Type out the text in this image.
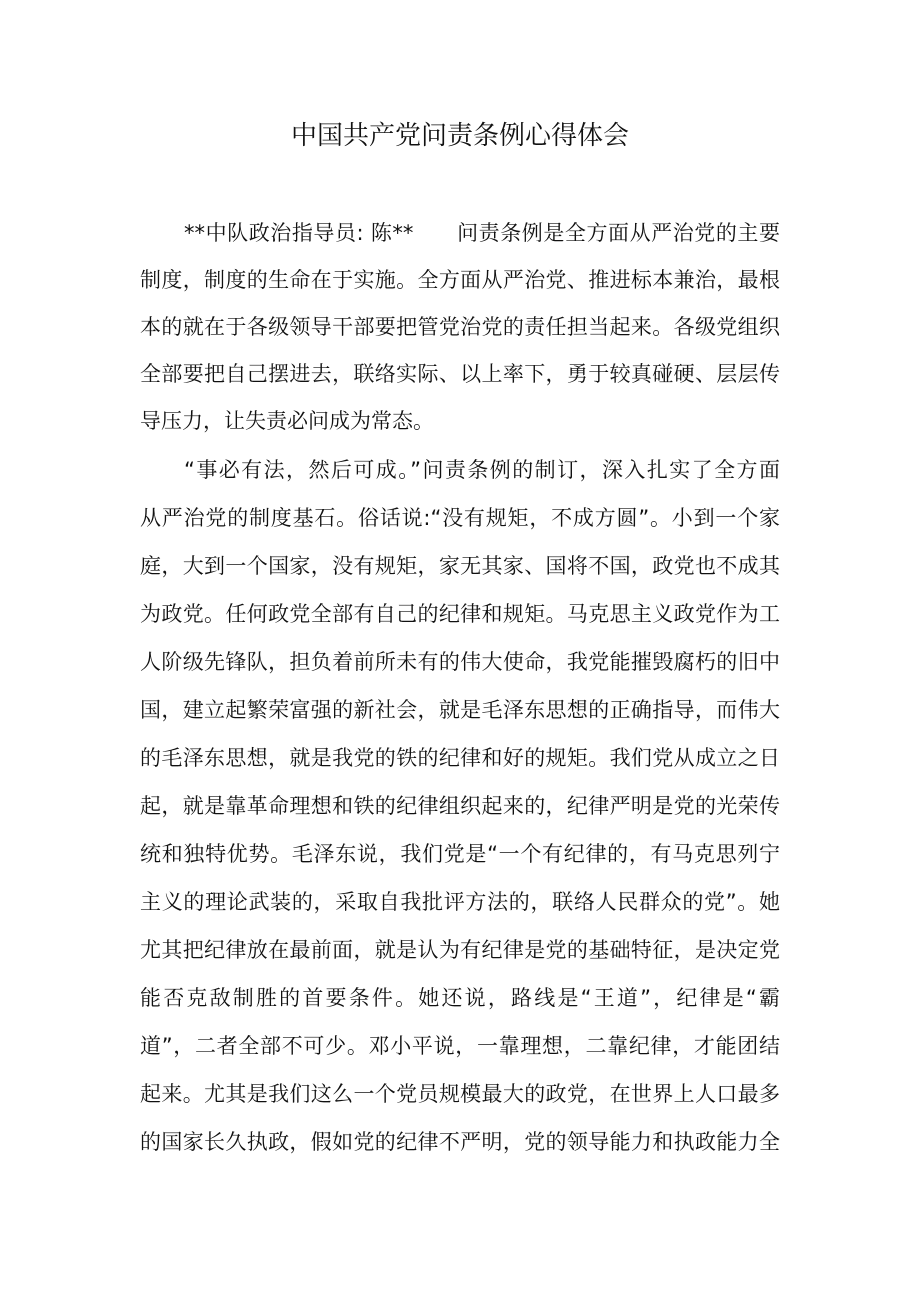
中国共产党问责条例心得体会
**中队政治指导员: 陈**　　问责条例是全方面从严治党的主要
制度，制度的生命在于实施。全方面从严治党、推进标本兼治，最根
本的就在于各级领导干部要把管党治党的责任担当起来。各级党组织
全部要把自己摆进去，联络实际、以上率下，勇于较真碰硬、层层传
导压力，让失责必问成为常态。
“事必有法，然后可成。”问责条例的制订，深入扎实了全方面
从严治党的制度基石。俗话说:“没有规矩，不成方圆”。小到一个家
庭，大到一个国家，没有规矩，家无其家、国将不国，政党也不成其
为政党。任何政党全部有自己的纪律和规矩。马克思主义政党作为工
人阶级先锋队，担负着前所未有的伟大使命，我党能摧毁腐朽的旧中
国，建立起繁荣富强的新社会，就是毛泽东思想的正确指导，而伟大
的毛泽东思想，就是我党的铁的纪律和好的规矩。我们党从成立之日
起，就是靠革命理想和铁的纪律组织起来的，纪律严明是党的光荣传
统和独特优势。毛泽东说，我们党是“一个有纪律的，有马克思列宁
主义的理论武装的，采取自我批评方法的，联络人民群众的党”。她
尤其把纪律放在最前面，就是认为有纪律是党的基础特征，是决定党
能否克敌制胜的首要条件。她还说，路线是“王道”，纪律是“霸
道”，二者全部不可少。邓小平说，一靠理想，二靠纪律，才能团结
起来。尤其是我们这么一个党员规模最大的政党，在世界上人口最多
的国家长久执政，假如党的纪律不严明，党的领导能力和执政能力全
